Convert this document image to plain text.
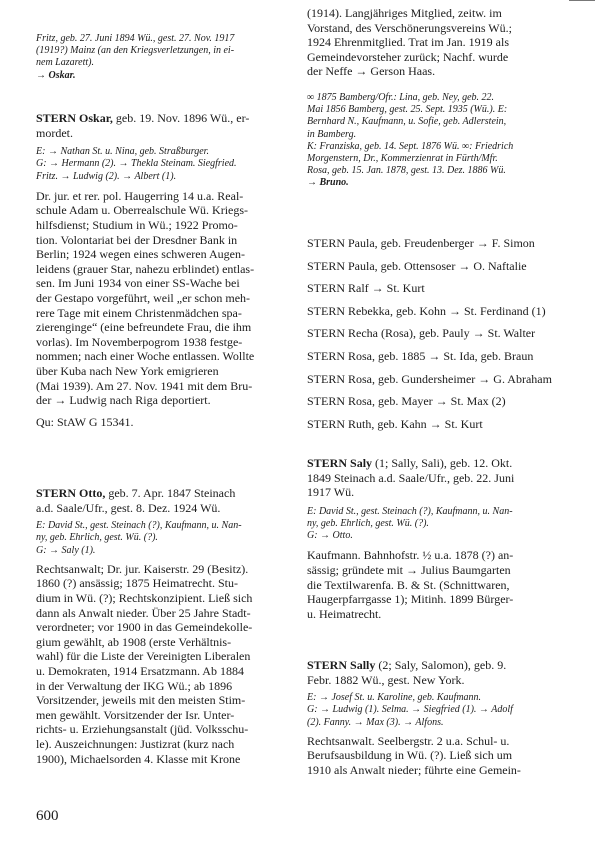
Fritz, geb. 27. Juni 1894 Wü., gest. 27. Nov. 1917

(1919?) Mainz (an den Kriegsverletzungen, in ei-

nem Lazarett).

→ Oskar.

STERN Oskar, geb. 19. Nov. 1896 Wü., er-

mordet.

E: → Nathan St. u. Nina, geb. Straßburger.

G: → Hermann (2). → Thekla Steinam. Siegfried.

Fritz. → Ludwig (2). → Albert (1).

Dr. jur. et rer. pol. Haugerring 14 u.a. Real-

schule Adam u. Oberrealschule Wü. Kriegs-

hilfsdienst; Studium in Wü.; 1922 Promo-

tion. Volontariat bei der Dresdner Bank in

Berlin; 1924 wegen eines schweren Augen-

leidens (grauer Star, nahezu erblindet) entlas-

sen. Im Juni 1934 von einer SS-Wache bei

der Gestapo vorgeführt, weil „er schon meh-

rere Tage mit einem Christenmädchen spa-

zierenginge“ (eine befreundete Frau, die ihm

vorlas). Im Novemberpogrom 1938 festge-

nommen; nach einer Woche entlassen. Wollte

über Kuba nach New York emigrieren

(Mai 1939). Am 27. Nov. 1941 mit dem Bru-

der → Ludwig nach Riga deportiert.

Qu: StAW G 15341.

STERN Otto, geb. 7. Apr. 1847 Steinach

a.d. Saale/Ufr., gest. 8. Dez. 1924 Wü.

E: David St., gest. Steinach (?), Kaufmann, u. Nan-

ny, geb. Ehrlich, gest. Wü. (?).

G: → Saly (1).

Rechtsanwalt; Dr. jur. Kaiserstr. 29 (Besitz).

1860 (?) ansässig; 1875 Heimatrecht. Stu-

dium in Wü. (?); Rechtskonzipient. Ließ sich

dann als Anwalt nieder. Über 25 Jahre Stadt-

verordneter; vor 1900 in das Gemeindekolle-

gium gewählt, ab 1908 (erste Verhältnis-

wahl) für die Liste der Vereinigten Liberalen

u. Demokraten, 1914 Ersatzmann. Ab 1884

in der Verwaltung der IKG Wü.; ab 1896

Vorsitzender, jeweils mit den meisten Stim-

men gewählt. Vorsitzender der Isr. Unter-

richts- u. Erziehungsanstalt (jüd. Volksschu-

le). Auszeichnungen: Justizrat (kurz nach

1900), Michaelsorden 4. Klasse mit Krone

(1914). Langjähriges Mitglied, zeitw. im

Vorstand, des Verschönerungsvereins Wü.;

1924 Ehrenmitglied. Trat im Jan. 1919 als

Gemeindevorsteher zurück; Nachf. wurde

der Neffe → Gerson Haas.

∞ 1875 Bamberg/Ofr.: Lina, geb. Ney, geb. 22.

Mai 1856 Bamberg, gest. 25. Sept. 1935 (Wü.). E:

Bernhard N., Kaufmann, u. Sofie, geb. Adlerstein,

in Bamberg.

K: Franziska, geb. 14. Sept. 1876 Wü. ∞: Friedrich

Morgenstern, Dr., Kommerzienrat in Fürth/Mfr.

Rosa, geb. 15. Jan. 1878, gest. 13. Dez. 1886 Wü.

→ Bruno.

STERN Paula, geb. Freudenberger → F. Simon

STERN Paula, geb. Ottensoser → O. Naftalie

STERN Ralf → St. Kurt

STERN Rebekka, geb. Kohn → St. Ferdinand (1)

STERN Recha (Rosa), geb. Pauly → St. Walter

STERN Rosa, geb. 1885 → St. Ida, geb. Braun

STERN Rosa, geb. Gundersheimer → G. Abraham

STERN Rosa, geb. Mayer → St. Max (2)

STERN Ruth, geb. Kahn → St. Kurt

STERN Saly (1; Sally, Sali), geb. 12. Okt.

1849 Steinach a.d. Saale/Ufr., geb. 22. Juni

1917 Wü.

E: David St., gest. Steinach (?), Kaufmann, u. Nan-

ny, geb. Ehrlich, gest. Wü. (?).

G: → Otto.

Kaufmann. Bahnhofstr. ½ u.a. 1878 (?) an-

sässig; gründete mit → Julius Baumgarten

die Textilwarenfa. B. & St. (Schnittwaren,

Haugerpfarrgasse 1); Mitinh. 1899 Bürger-

u. Heimatrecht.

STERN Sally (2; Saly, Salomon), geb. 9.

Febr. 1882 Wü., gest. New York.

E: → Josef St. u. Karoline, geb. Kaufmann.

G: → Ludwig (1). Selma. → Siegfried (1). → Adolf

(2). Fanny. → Max (3). → Alfons.

Rechtsanwalt. Seelbergstr. 2 u.a. Schul- u.

Berufsausbildung in Wü. (?). Ließ sich um

1910 als Anwalt nieder; führte eine Gemein-

600
